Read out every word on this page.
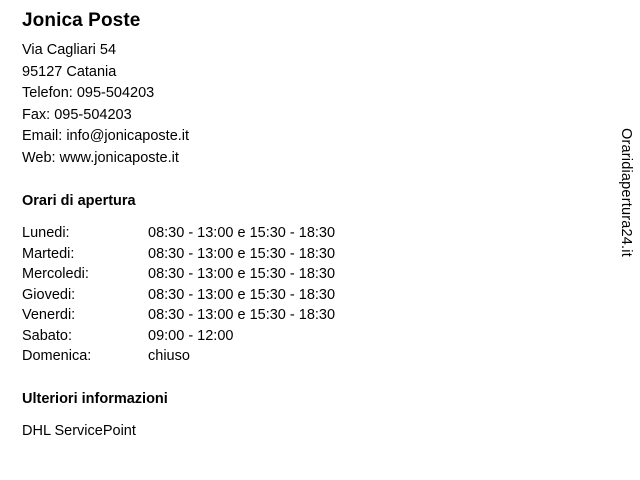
Jonica Poste
Via Cagliari 54
95127 Catania
Telefon: 095-504203
Fax: 095-504203
Email: info@jonicaposte.it
Web: www.jonicaposte.it
Orari di apertura
Lunedi:	08:30 - 13:00 e 15:30 - 18:30
Martedi:	08:30 - 13:00 e 15:30 - 18:30
Mercoledi:	08:30 - 13:00 e 15:30 - 18:30
Giovedi:	08:30 - 13:00 e 15:30 - 18:30
Venerdi:	08:30 - 13:00 e 15:30 - 18:30
Sabato:	09:00 - 12:00
Domenica:	chiuso
Ulteriori informazioni
DHL ServicePoint
Oraridiapertura24.it
